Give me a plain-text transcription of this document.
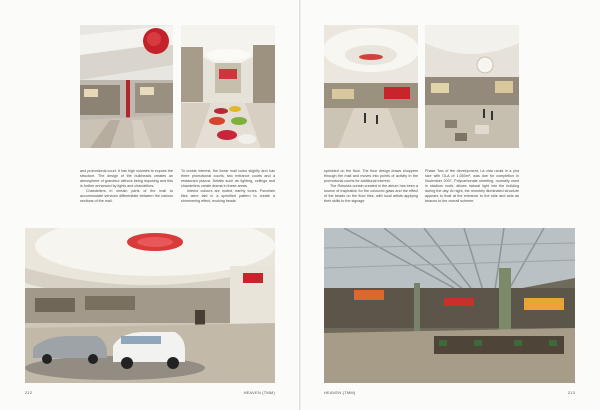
and promotional court. It has high volumes to expose the structure. The design of the bulkheads creates an atmosphere of grandeur without being imposing and this is further enhanced by lights and chandeliers.

Chandeliers in certain parts of the mall to accommodate services differentiate between the various sections of the mall.

To create interest, the linear mall looks slightly and has three promotional courts, two entrance courts and a restaurant piazza. Details such as lighting, ceilings and chandeliers create drama in these areas.

Interior colours are muted, earthy tones. Porcelain tiles were laid in a specified pattern to create a shimmering effect, evoking beads

212	HEAVEN (TMM)

sprinkled on the floor. The floor design draws shoppers through the mall and moves into points of activity in the promotional courts for additional interest.

The Rotunda curtain created in the atrium has been a source of inspiration for the coloured glass and the effect of the beads on the floor tiles, with local artists applying their skills to the signage.

Phase Two of the development, La vida ranks in a plot size with GLA of 1,050m², was due for completion in November 2007. Polycarbonate sheeting, normally used in stadium roofs, allows natural light into the building during the day. At night, the remotely illuminated structure appears to float at the entrance to the side and acts as beacon to the overall scheme.

HEAVEN (TMM)	213
